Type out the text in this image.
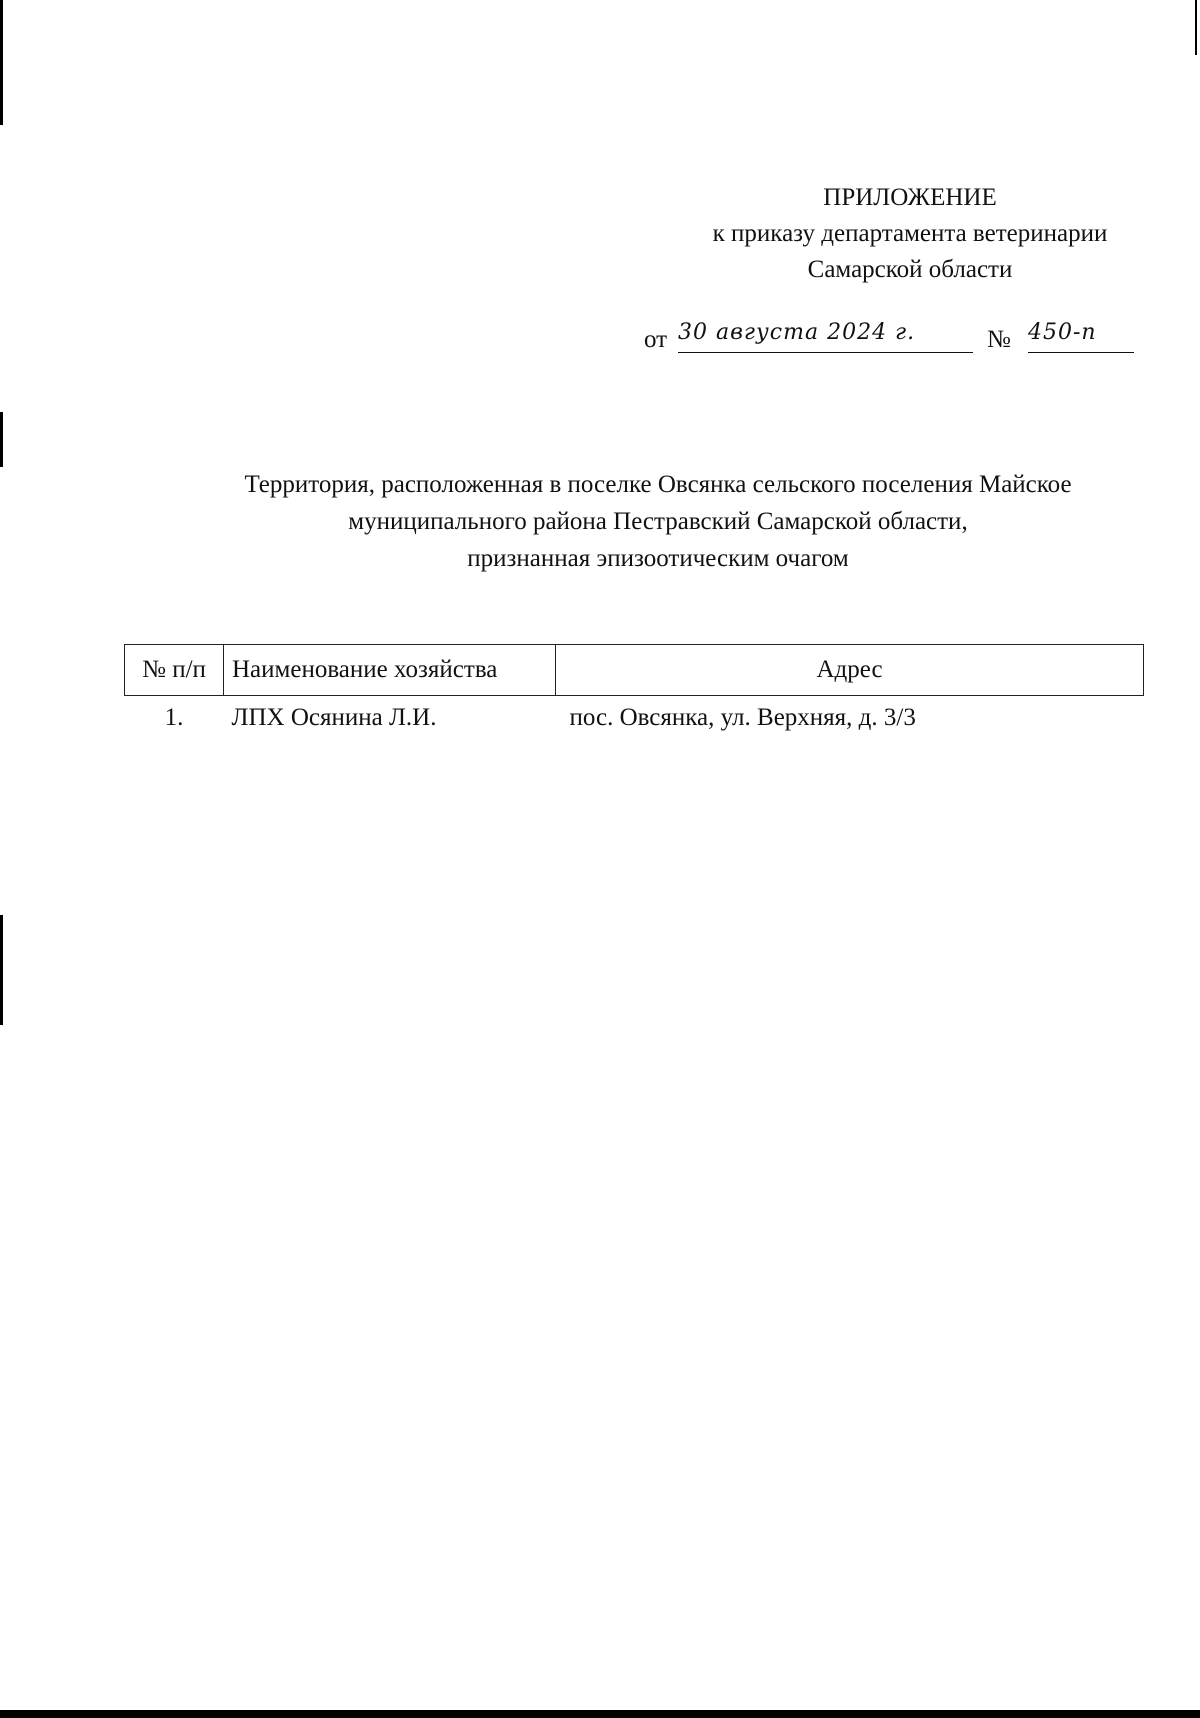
ПРИЛОЖЕНИЕ
к приказу департамента ветеринарии
Самарской области
от 30 августа 2024 г.	№ 450-п
Территория, расположенная в поселке Овсянка сельского поселения Майское
муниципального района Пестравский Самарской области,
признанная эпизоотическим очагом
№ п/п	Наименование хозяйства	Адрес
1.	ЛПХ Осянина Л.И.	пос. Овсянка, ул. Верхняя, д. 3/3
